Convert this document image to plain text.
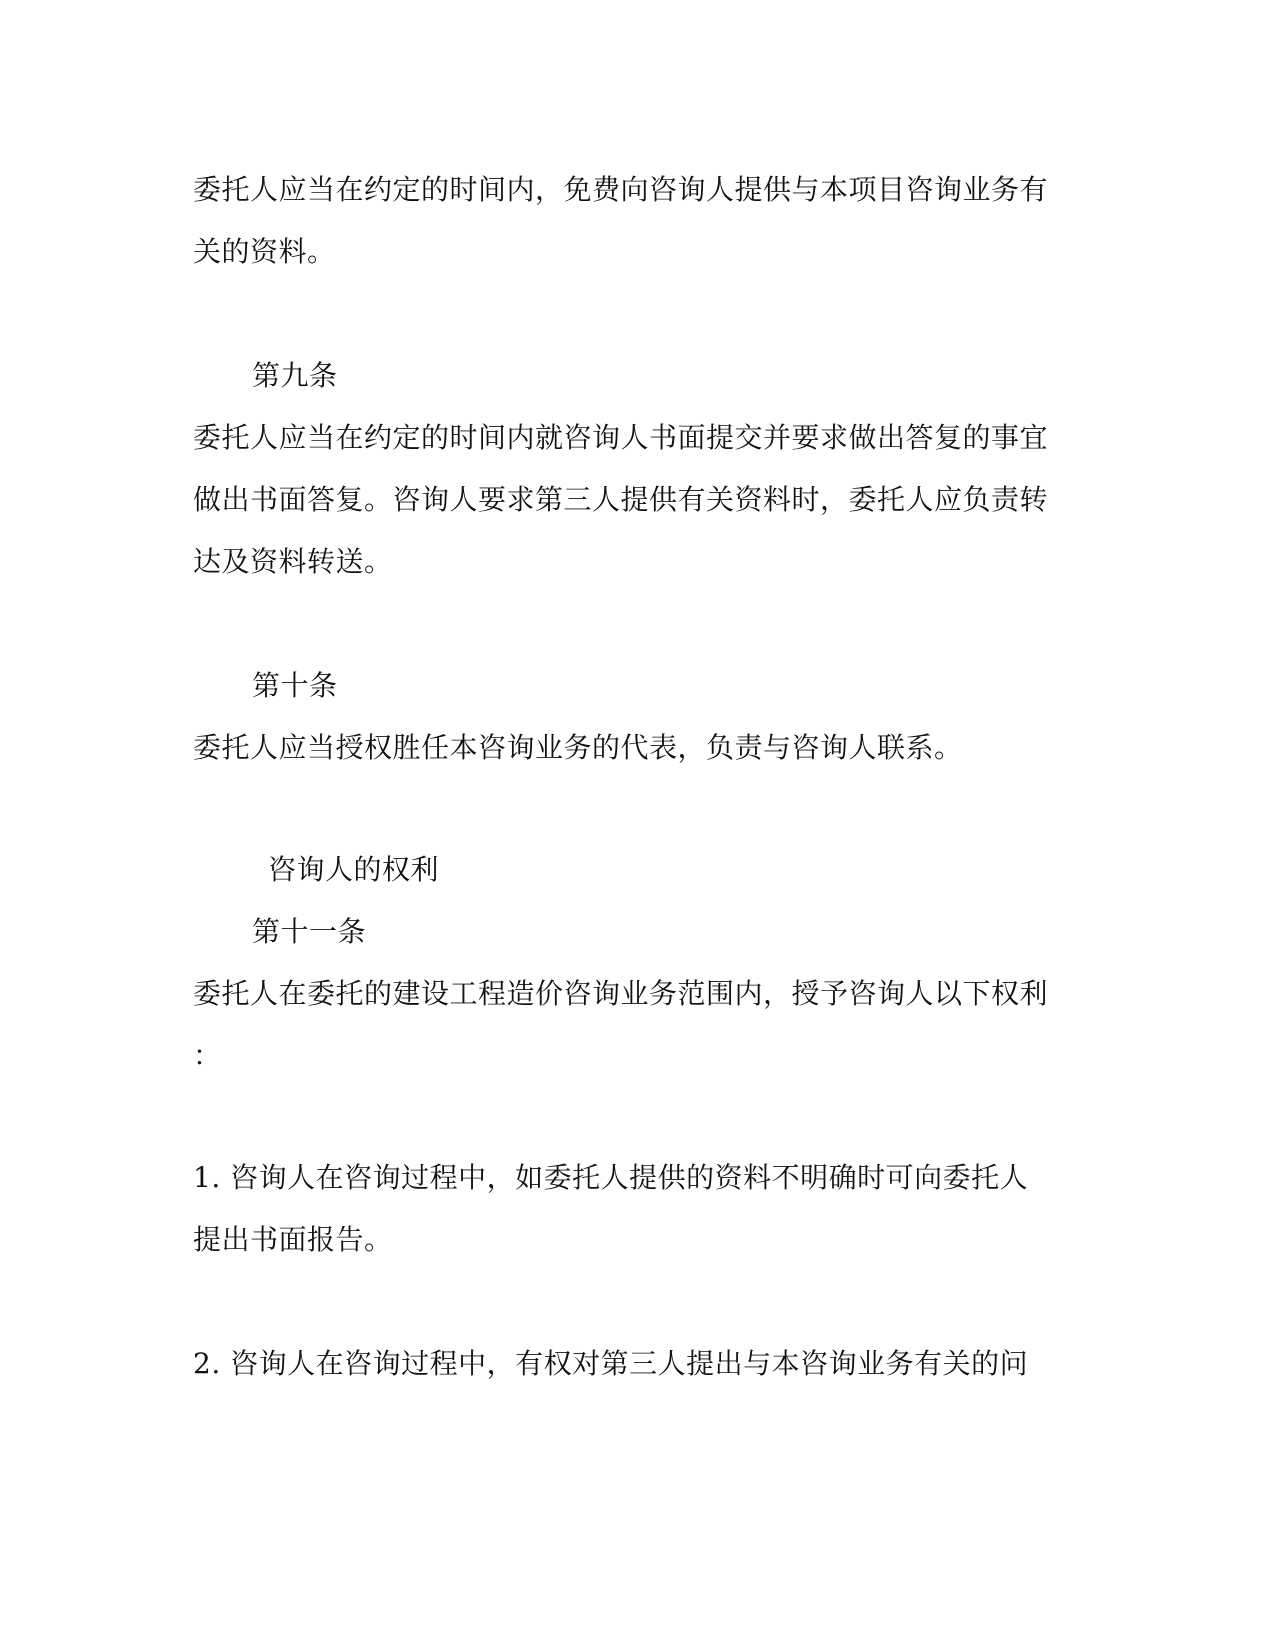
委托人应当在约定的时间内，免费向咨询人提供与本项目咨询业务有
关的资料。
第九条
委托人应当在约定的时间内就咨询人书面提交并要求做出答复的事宜
做出书面答复。咨询人要求第三人提供有关资料时，委托人应负责转
达及资料转送。
第十条
委托人应当授权胜任本咨询业务的代表，负责与咨询人联系。
咨询人的权利
第十一条
委托人在委托的建设工程造价咨询业务范围内，授予咨询人以下权利
：
1. 咨询人在咨询过程中，如委托人提供的资料不明确时可向委托人
提出书面报告。
2. 咨询人在咨询过程中，有权对第三人提出与本咨询业务有关的问
